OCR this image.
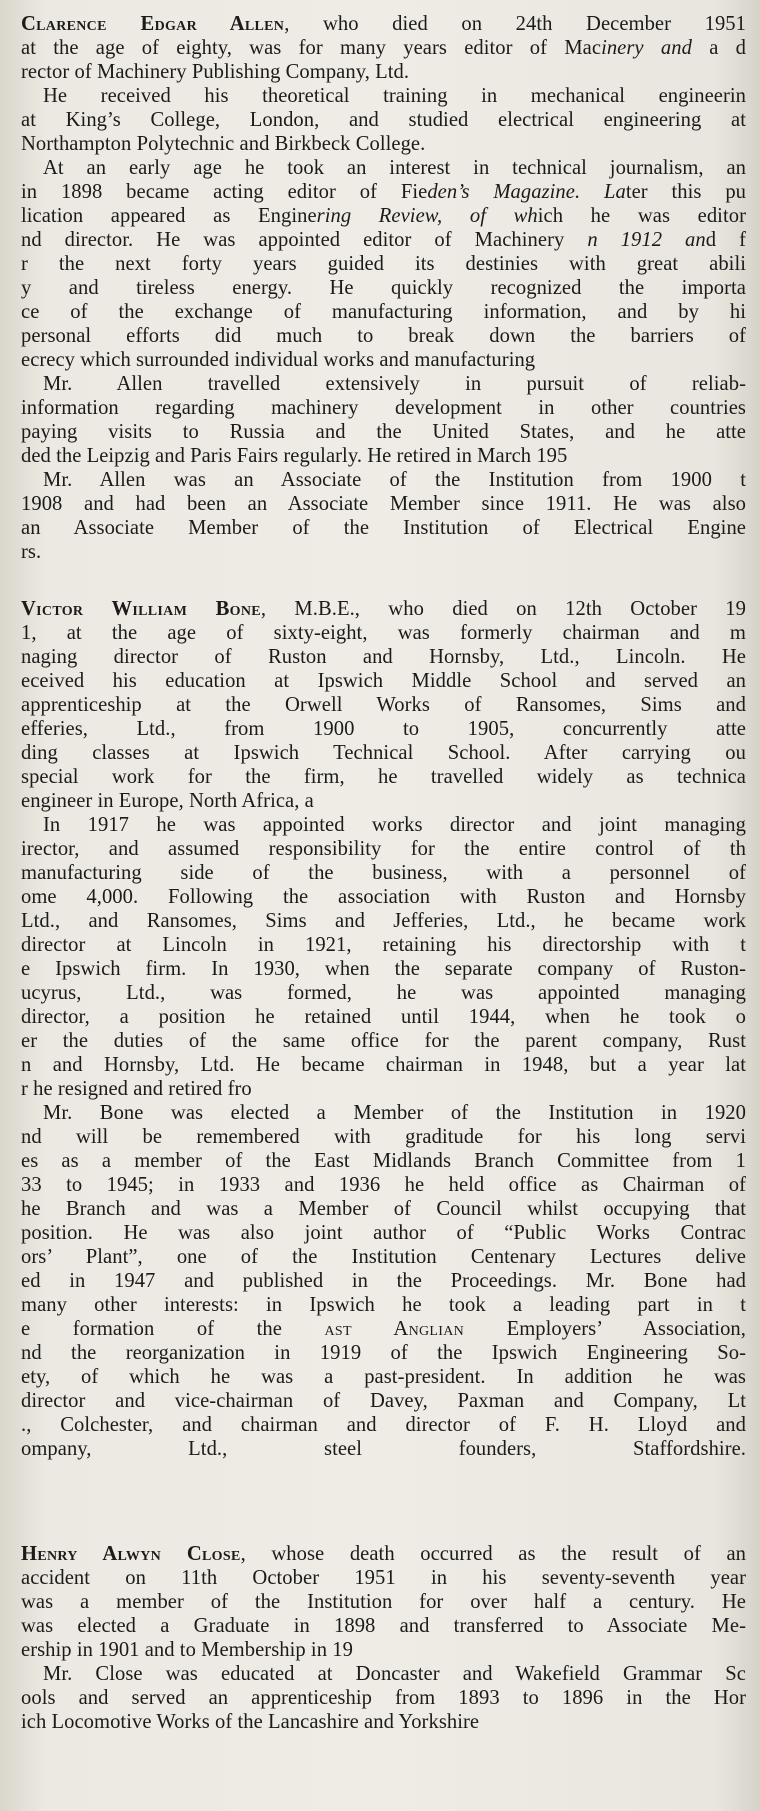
Clarence Edgar Allen, who died on 24th December 1951
at the age of eighty, was for many years editor of Macinery and a d
rector of Machinery Publishing Company, Ltd.
He received his theoretical training in mechanical engineerin
at King’s College, London, and studied electrical engineering at
Northampton Polytechnic and Birkbeck College.
At an early age he took an interest in technical journalism, an
in 1898 became acting editor of Fieden’s Magazine. Later this pu
lication appeared as Enginering Review, of which he was editor
nd director. He was appointed editor of Machinery n 1912 and f
r the next forty years guided its destinies with great abili
y and tireless energy. He quickly recognized the importa
ce of the exchange of manufacturing information, and by hi
personal efforts did much to break down the barriers of
ecrecy which surrounded individual works and manufacturing
Mr. Allen travelled extensively in pursuit of reliab-
information regarding machinery development in other countries
paying visits to Russia and the United States, and he atte
ded the Leipzig and Paris Fairs regularly. He retired in March 195
Mr. Allen was an Associate of the Institution from 1900 t
1908 and had been an Associate Member since 1911. He was also
an Associate Member of the Institution of Electrical Engine
rs.
Victor William Bone, M.B.E., who died on 12th October 19
1, at the age of sixty-eight, was formerly chairman and m
naging director of Ruston and Hornsby, Ltd., Lincoln. He
eceived his education at Ipswich Middle School and served an
apprenticeship at the Orwell Works of Ransomes, Sims and
efferies, Ltd., from 1900 to 1905, concurrently atte
ding classes at Ipswich Technical School. After carrying ou
special work for the firm, he travelled widely as technica
engineer in Europe, North Africa, a
In 1917 he was appointed works director and joint managing
irector, and assumed responsibility for the entire control of th
manufacturing side of the business, with a personnel of
ome 4,000. Following the association with Ruston and Hornsby
Ltd., and Ransomes, Sims and Jefferies, Ltd., he became work
director at Lincoln in 1921, retaining his directorship with t
e Ipswich firm. In 1930, when the separate company of Ruston-
ucyrus, Ltd., was formed, he was appointed managing
director, a position he retained until 1944, when he took o
er the duties of the same office for the parent company, Rust
n and Hornsby, Ltd. He became chairman in 1948, but a year lat
r he resigned and retired fro
Mr. Bone was elected a Member of the Institution in 1920
nd will be remembered with graditude for his long servi
es as a member of the East Midlands Branch Committee from 1
33 to 1945; in 1933 and 1936 he held office as Chairman of
he Branch and was a Member of Council whilst occupying that
position. He was also joint author of “Public Works Contrac
ors’ Plant”, one of the Institution Centenary Lectures delive
ed in 1947 and published in the Proceedings. Mr. Bone had
many other interests: in Ipswich he took a leading part in t
e formation of the ast Anglian Employers’ Association,
nd the reorganization in 1919 of the Ipswich Engineering So-
ety, of which he was a past-president. In addition he was
director and vice-chairman of Davey, Paxman and Company, Lt
., Colchester, and chairman and director of F. H. Lloyd and
ompany, Ltd., steel founders, Staffordshire.
Henry Alwyn Close, whose death occurred as the result of an
accident on 11th October 1951 in his seventy-seventh year
was a member of the Institution for over half a century. He
was elected a Graduate in 1898 and transferred to Associate Me-
ership in 1901 and to Membership in 19
Mr. Close was educated at Doncaster and Wakefield Grammar Sc
ools and served an apprenticeship from 1893 to 1896 in the Hor
ich Locomotive Works of the Lancashire and Yorkshire
